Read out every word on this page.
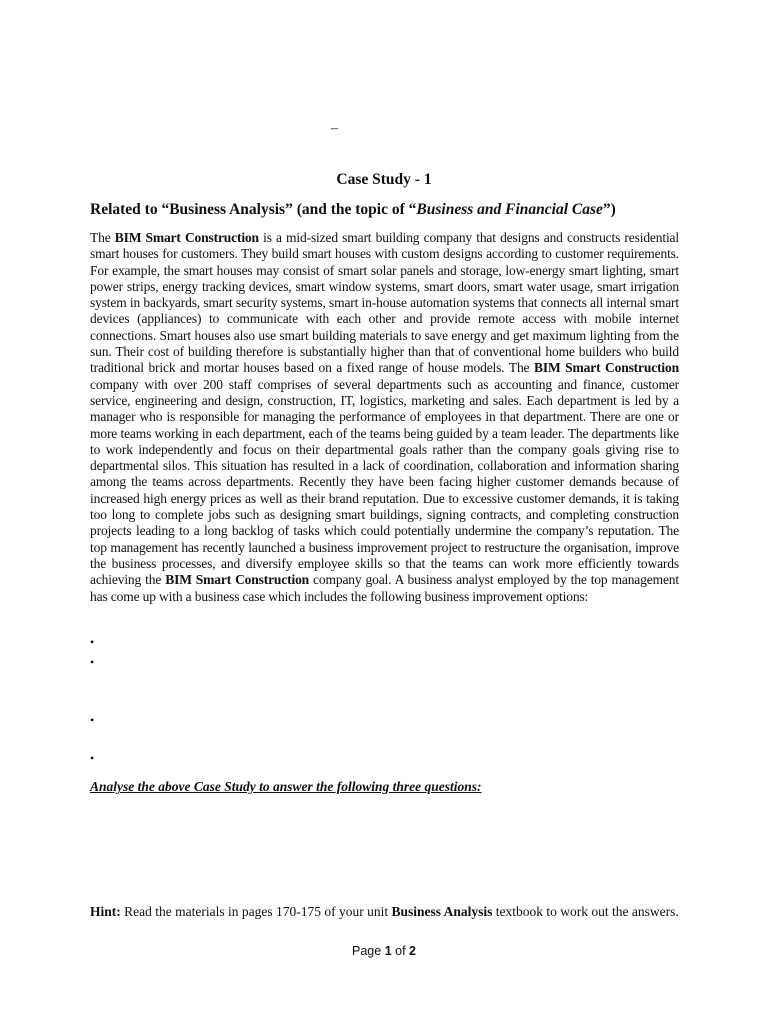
–
Case Study - 1
Related to “Business Analysis” (and the topic of “Business and Financial Case”)
The BIM Smart Construction is a mid-sized smart building company that designs and constructs residential smart houses for customers. They build smart houses with custom designs according to customer requirements. For example, the smart houses may consist of smart solar panels and storage, low-energy smart lighting, smart power strips, energy tracking devices, smart window systems, smart doors, smart water usage, smart irrigation system in backyards, smart security systems, smart in-house automation systems that connects all internal smart devices (appliances) to communicate with each other and provide remote access with mobile internet connections. Smart houses also use smart building materials to save energy and get maximum lighting from the sun. Their cost of building therefore is substantially higher than that of conventional home builders who build traditional brick and mortar houses based on a fixed range of house models. The BIM Smart Construction company with over 200 staff comprises of several departments such as accounting and finance, customer service, engineering and design, construction, IT, logistics, marketing and sales. Each department is led by a manager who is responsible for managing the performance of employees in that department. There are one or more teams working in each department, each of the teams being guided by a team leader. The departments like to work independently and focus on their departmental goals rather than the company goals giving rise to departmental silos. This situation has resulted in a lack of coordination, collaboration and information sharing among the teams across departments. Recently they have been facing higher customer demands because of increased high energy prices as well as their brand reputation. Due to excessive customer demands, it is taking too long to complete jobs such as designing smart buildings, signing contracts, and completing construction projects leading to a long backlog of tasks which could potentially undermine the company’s reputation. The top management has recently launched a business improvement project to restructure the organisation, improve the business processes, and diversify employee skills so that the teams can work more efficiently towards achieving the BIM Smart Construction company goal. A business analyst employed by the top management has come up with a business case which includes the following business improvement options:
•
•
•
•
Analyse the above Case Study to answer the following three questions:
Hint: Read the materials in pages 170-175 of your unit Business Analysis textbook to work out the answers.
Page 1 of 2
